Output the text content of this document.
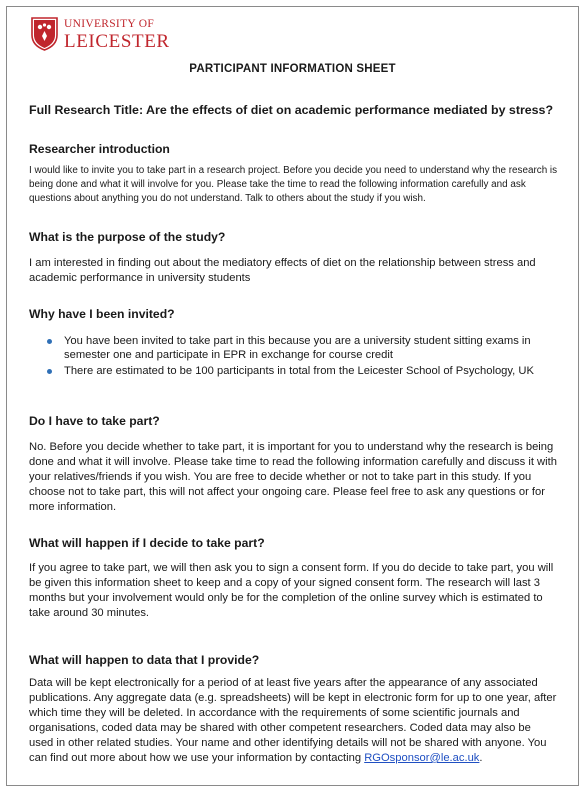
UNIVERSITY OF
LEICESTER
PARTICIPANT INFORMATION SHEET
Full Research Title: Are the effects of diet on academic performance mediated by stress?
Researcher introduction

I would like to invite you to take part in a research project. Before you decide you need to understand why the research is being done and what it will involve for you. Please take the time to read the following information carefully and ask questions about anything you do not understand. Talk to others about the study if you wish.

What is the purpose of the study?

I am interested in finding out about the mediatory effects of diet on the relationship between stress and academic performance in university students

Why have I been invited?
You have been invited to take part in this because you are a university student sitting exams in semester one and participate in EPR in exchange for course credit
There are estimated to be 100 participants in total from the Leicester School of Psychology, UK
Do I have to take part?

No. Before you decide whether to take part, it is important for you to understand why the research is being done and what it will involve. Please take time to read the following information carefully and discuss it with your relatives/friends if you wish. You are free to decide whether or not to take part in this study. If you choose not to take part, this will not affect your ongoing care. Please feel free to ask any questions or for more information.

What will happen if I decide to take part?

If you agree to take part, we will then ask you to sign a consent form. If you do decide to take part, you will be given this information sheet to keep and a copy of your signed consent form. The research will last 3 months but your involvement would only be for the completion of the online survey which is estimated to take around 30 minutes.

What will happen to data that I provide?

Data will be kept electronically for a period of at least five years after the appearance of any associated publications. Any aggregate data (e.g. spreadsheets) will be kept in electronic form for up to one year, after which time they will be deleted. In accordance with the requirements of some scientific journals and organisations, coded data may be shared with other competent researchers. Coded data may also be used in other related studies. Your name and other identifying details will not be shared with anyone. You can find out more about how we use your information by contacting RGOsponsor@le.ac.uk.
